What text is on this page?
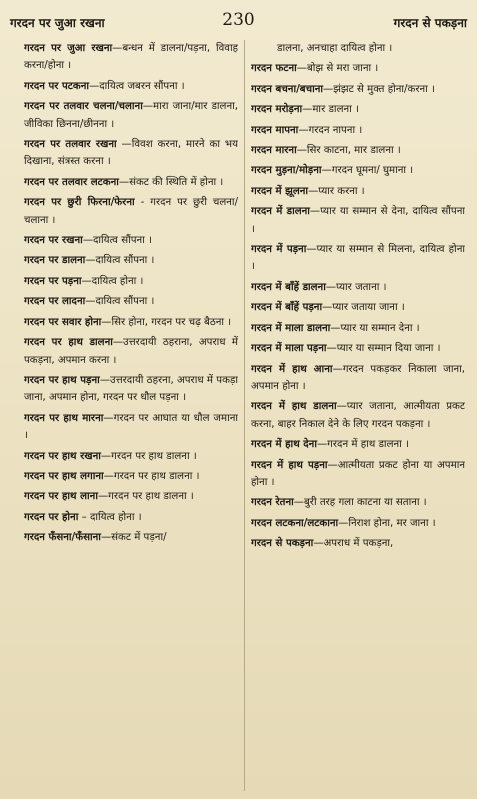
गरदन पर जुआ रखना	230	गरदन से पकड़ना
गरदन पर जुआ रखना—बन्धन में डालना/पड़ना, विवाह करना/होना ।
गरदन पर पटकना—दायित्व जबरन सौंपना ।
गरदन पर तलवार चलना/चलाना—मारा जाना/मार डालना, जीविका छिनना/छीनना ।
गरदन पर तलवार रखना —विवश करना, मारने का भय दिखाना, संत्रस्त करना ।
गरदन पर तलवार लटकना—संकट की स्थिति में होना ।
गरदन पर छुरी फिरना/फेरना - गरदन पर छुरी चलना/चलाना ।
गरदन पर रखना—दायित्व सौंपना ।
गरदन पर डालना—दायित्व सौंपना ।
गरदन पर पड़ना—दायित्व होना ।
गरदन पर लादना—दायित्व सौंपना ।
गरदन पर सवार होना—सिर होना, गरदन पर चढ़ बैठना ।
गरदन पर हाथ डालना—उत्तरदायी ठहराना, अपराध में पकड़ना, अपमान करना ।
गरदन पर हाथ पड़ना—उत्तरदायी ठहरना, अपराध में पकड़ा जाना, अपमान होना, गरदन पर धौल पड़ना ।
गरदन पर हाथ मारना—गरदन पर आघात या धौल जमाना ।
गरदन पर हाथ रखना—गरदन पर हाथ डालना ।
गरदन पर हाथ लगाना—गरदन पर हाथ डालना ।
गरदन पर हाथ लाना—गरदन पर हाथ डालना ।
गरदन पर होना – दायित्व होना ।
गरदन फँसना/फँसाना—संकट में पड़ना/
डालना, अनचाहा दायित्व होना ।
गरदन फटना—बोझ से मरा जाना ।
गरदन बचना/बचाना—झंझट से मुक्त होना/करना ।
गरदन मरोड़ना—मार डालना ।
गरदन मापना—गरदन नापना ।
गरदन मारना—सिर काटना, मार डालना ।
गरदन मुड़ना/मोड़ना—गरदन घूमना/ घुमाना ।
गरदन में झूलना—प्यार करना ।
गरदन में डालना—प्यार या सम्मान से देना, दायित्व सौंपना ।
गरदन में पड़ना—प्यार या सम्मान से मिलना, दायित्व होना ।
गरदन में बाँहें डालना—प्यार जताना ।
गरदन में बाँहें पड़ना—प्यार जताया जाना ।
गरदन में माला डालना—प्यार या सम्मान देना ।
गरदन में माला पड़ना—प्यार या सम्मान दिया जाना ।
गरदन में हाथ आना—गरदन पकड़कर निकाला जाना, अपमान होना ।
गरदन में हाथ डालना—प्यार जताना, आत्मीयता प्रकट करना, बाहर निकाल देने के लिए गरदन पकड़ना ।
गरदन में हाथ देना—गरदन में हाथ डालना ।
गरदन में हाथ पड़ना—आत्मीयता प्रकट होना या अपमान होना ।
गरदन रेतना—बुरी तरह गला काटना या सताना ।
गरदन लटकना/लटकाना—निराश होना, मर जाना ।
गरदन से पकड़ना—अपराध में पकड़ना,
